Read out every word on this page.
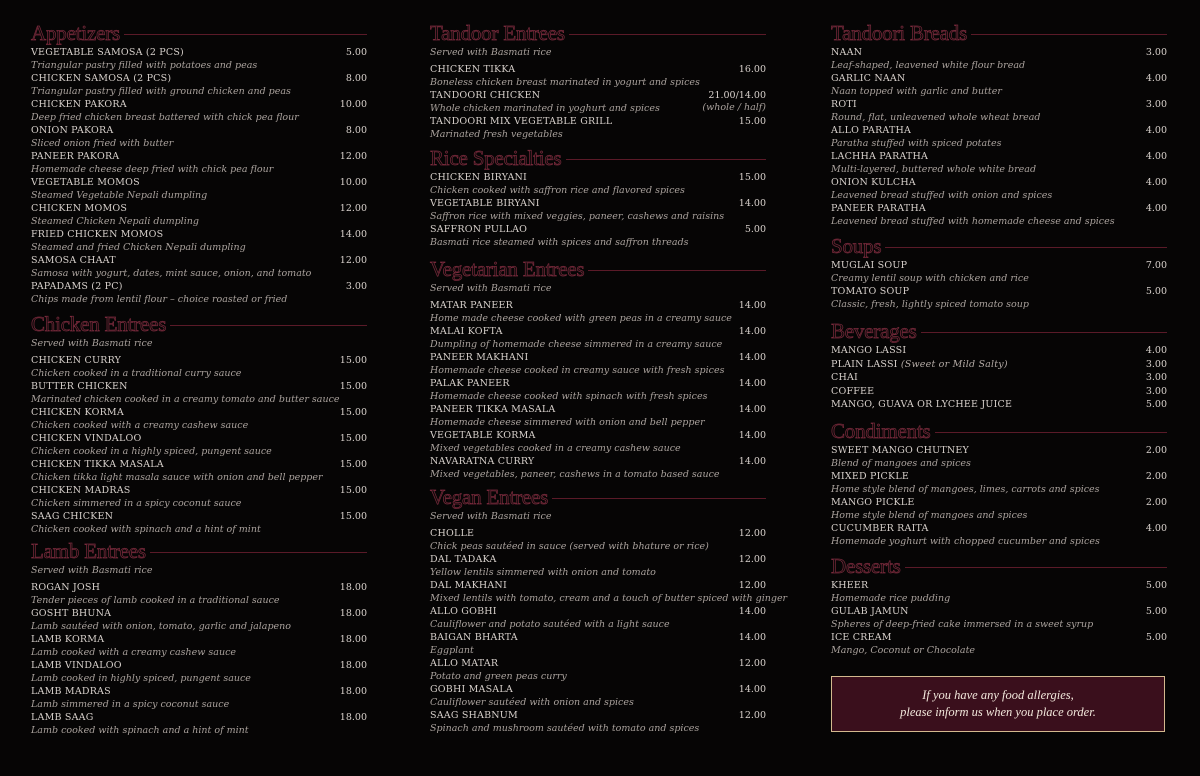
Appetizers
VEGETABLE SAMOSA (2 PCS)	5.00
Triangular pastry filled with potatoes and peas
CHICKEN SAMOSA (2 PCS)	8.00
Triangular pastry filled with ground chicken and peas
CHICKEN PAKORA	10.00
Deep fried chicken breast battered with chick pea flour
ONION PAKORA	8.00
Sliced onion fried with butter
PANEER PAKORA	12.00
Homemade cheese deep fried with chick pea flour
VEGETABLE MOMOS	10.00
Steamed Vegetable Nepali dumpling
CHICKEN MOMOS	12.00
Steamed Chicken Nepali dumpling
FRIED CHICKEN MOMOS	14.00
Steamed and fried Chicken Nepali dumpling
SAMOSA CHAAT	12.00
Samosa with yogurt, dates, mint sauce, onion, and tomato
PAPADAMS (2 PC)	3.00
Chips made from lentil flour – choice roasted or fried
Chicken Entrees
Served with Basmati rice
CHICKEN CURRY	15.00
Chicken cooked in a traditional curry sauce
BUTTER CHICKEN	15.00
Marinated chicken cooked in a creamy tomato and butter sauce
CHICKEN KORMA	15.00
Chicken cooked with a creamy cashew sauce
CHICKEN VINDALOO	15.00
Chicken cooked in a highly spiced, pungent sauce
CHICKEN TIKKA MASALA	15.00
Chicken tikka light masala sauce with onion and bell pepper
CHICKEN MADRAS	15.00
Chicken simmered in a spicy coconut sauce
SAAG CHICKEN	15.00
Chicken cooked with spinach and a hint of mint
Lamb Entrees
Served with Basmati rice
ROGAN JOSH	18.00
Tender pieces of lamb cooked in a traditional sauce
GOSHT BHUNA	18.00
Lamb sautéed with onion, tomato, garlic and jalapeno
LAMB KORMA	18.00
Lamb cooked with a creamy cashew sauce
LAMB VINDALOO	18.00
Lamb cooked in highly spiced, pungent sauce
LAMB MADRAS	18.00
Lamb simmered in a spicy coconut sauce
LAMB SAAG	18.00
Lamb cooked with spinach and a hint of mint
Tandoor Entrees
Served with Basmati rice
CHICKEN TIKKA	16.00
Boneless chicken breast marinated in yogurt and spices
TANDOORI CHICKEN	21.00/14.00
Whole chicken marinated in yoghurt and spices	(whole / half)
TANDOORI MIX VEGETABLE GRILL	15.00
Marinated fresh vegetables
Rice Specialties
CHICKEN BIRYANI	15.00
Chicken cooked with saffron rice and flavored spices
VEGETABLE BIRYANI	14.00
Saffron rice with mixed veggies, paneer, cashews and raisins
SAFFRON PULLAO	5.00
Basmati rice steamed with spices and saffron threads
Vegetarian Entrees
Served with Basmati rice
MATAR PANEER	14.00
Home made cheese cooked with green peas in a creamy sauce
MALAI KOFTA	14.00
Dumpling of homemade cheese simmered in a creamy sauce
PANEER MAKHANI	14.00
Homemade cheese cooked in creamy sauce with fresh spices
PALAK PANEER	14.00
Homemade cheese cooked with spinach with fresh spices
PANEER TIKKA MASALA	14.00
Homemade cheese simmered with onion and bell pepper
VEGETABLE KORMA	14.00
Mixed vegetables cooked in a creamy cashew sauce
NAVARATNA CURRY	14.00
Mixed vegetables, paneer, cashews in a tomato based sauce
Vegan Entrees
Served with Basmati rice
CHOLLE	12.00
Chick peas sautéed in sauce (served with bhature or rice)
DAL TADAKA	12.00
Yellow lentils simmered with onion and tomato
DAL MAKHANI	12.00
Mixed lentils with tomato, cream and a touch of butter spiced with ginger
ALLO GOBHI	14.00
Cauliflower and potato sautéed with a light sauce
BAIGAN BHARTA	14.00
Eggplant
ALLO MATAR	12.00
Potato and green peas curry
GOBHI MASALA	14.00
Cauliflower sautéed with onion and spices
SAAG SHABNUM	12.00
Spinach and mushroom sautéed with tomato and spices
Tandoori Breads
NAAN	3.00
Leaf-shaped, leavened white flour bread
GARLIC NAAN	4.00
Naan topped with garlic and butter
ROTI	3.00
Round, flat, unleavened whole wheat bread
ALLO PARATHA	4.00
Paratha stuffed with spiced potates
LACHHA PARATHA	4.00
Multi-layered, buttered whole white bread
ONION KULCHA	4.00
Leavened bread stuffed with onion and spices
PANEER PARATHA	4.00
Leavened bread stuffed with homemade cheese and spices
Soups
MUGLAI SOUP	7.00
Creamy lentil soup with chicken and rice
TOMATO SOUP	5.00
Classic, fresh, lightly spiced tomato soup
Beverages
MANGO LASSI	4.00
PLAIN LASSI (Sweet or Mild Salty)	3.00
CHAI	3.00
COFFEE	3.00
MANGO, GUAVA OR LYCHEE JUICE	5.00
Condiments
SWEET MANGO CHUTNEY	2.00
Blend of mangoes and spices
MIXED PICKLE	2.00
Home style blend of mangoes, limes, carrots and spices
MANGO PICKLE	2.00
Home style blend of mangoes and spices
CUCUMBER RAITA	4.00
Homemade yoghurt with chopped cucumber and spices
Desserts
KHEER	5.00
Homemade rice pudding
GULAB JAMUN	5.00
Spheres of deep-fried cake immersed in a sweet syrup
ICE CREAM	5.00
Mango, Coconut or Chocolate
If you have any food allergies,
please inform us when you place order.
